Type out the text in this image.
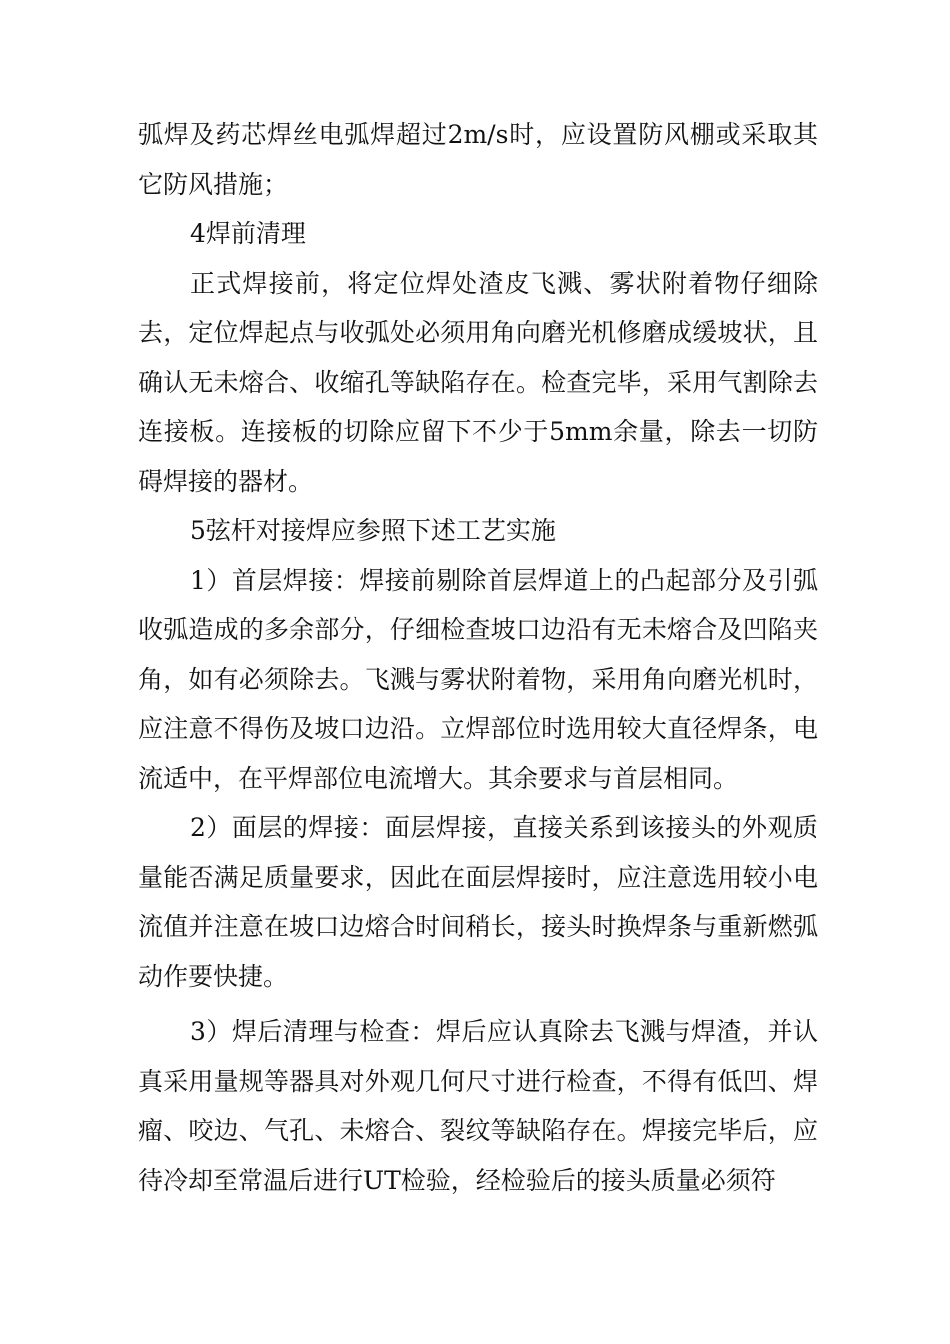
弧焊及药芯焊丝电弧焊超过2m/s时，应设置防风棚或采取其它防风措施；

4焊前清理

正式焊接前，将定位焊处渣皮飞溅、雾状附着物仔细除去，定位焊起点与收弧处必须用角向磨光机修磨成缓坡状，且确认无未熔合、收缩孔等缺陷存在。检查完毕，采用气割除去连接板。连接板的切除应留下不少于5mm余量，除去一切防碍焊接的器材。

5弦杆对接焊应参照下述工艺实施

1）首层焊接：焊接前剔除首层焊道上的凸起部分及引弧收弧造成的多余部分，仔细检查坡口边沿有无未熔合及凹陷夹角，如有必须除去。飞溅与雾状附着物，采用角向磨光机时，应注意不得伤及坡口边沿。立焊部位时选用较大直径焊条，电流适中，在平焊部位电流增大。其余要求与首层相同。

2）面层的焊接：面层焊接，直接关系到该接头的外观质量能否满足质量要求，因此在面层焊接时，应注意选用较小电流值并注意在坡口边熔合时间稍长，接头时换焊条与重新燃弧动作要快捷。

3）焊后清理与检查：焊后应认真除去飞溅与焊渣，并认真采用量规等器具对外观几何尺寸进行检查，不得有低凹、焊瘤、咬边、气孔、未熔合、裂纹等缺陷存在。焊接完毕后，应待冷却至常温后进行UT检验，经检验后的接头质量必须符
